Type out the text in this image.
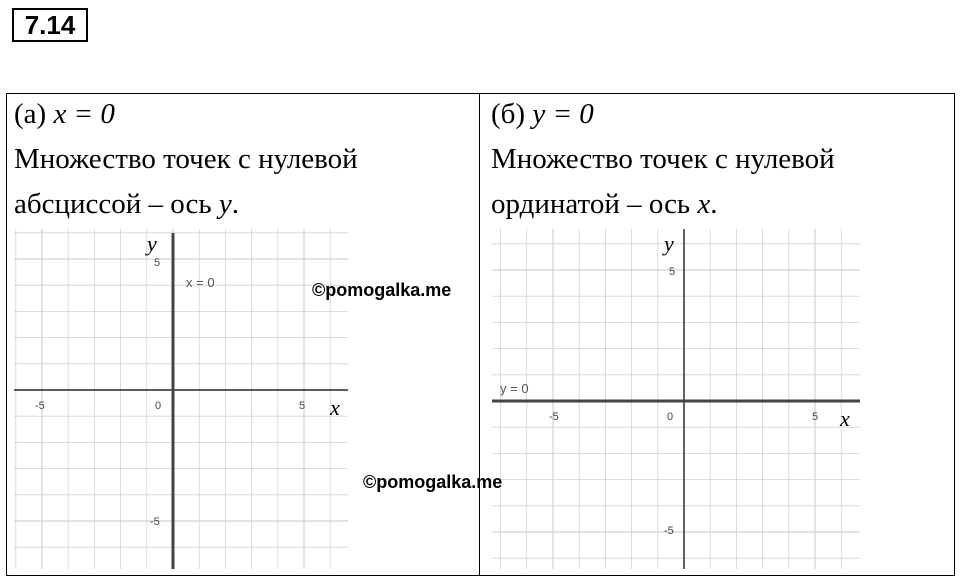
7.14
(а) x = 0
Множество точек с нулевой
абсциссой – ось y.
(б) y = 0
Множество точек с нулевой
ординатой – ось x.
x = 0
y
x
-5	5
0
5
-5
y = 0
y
x
-5	5
0
5
-5
©pomogalka.me
©pomogalka.me
